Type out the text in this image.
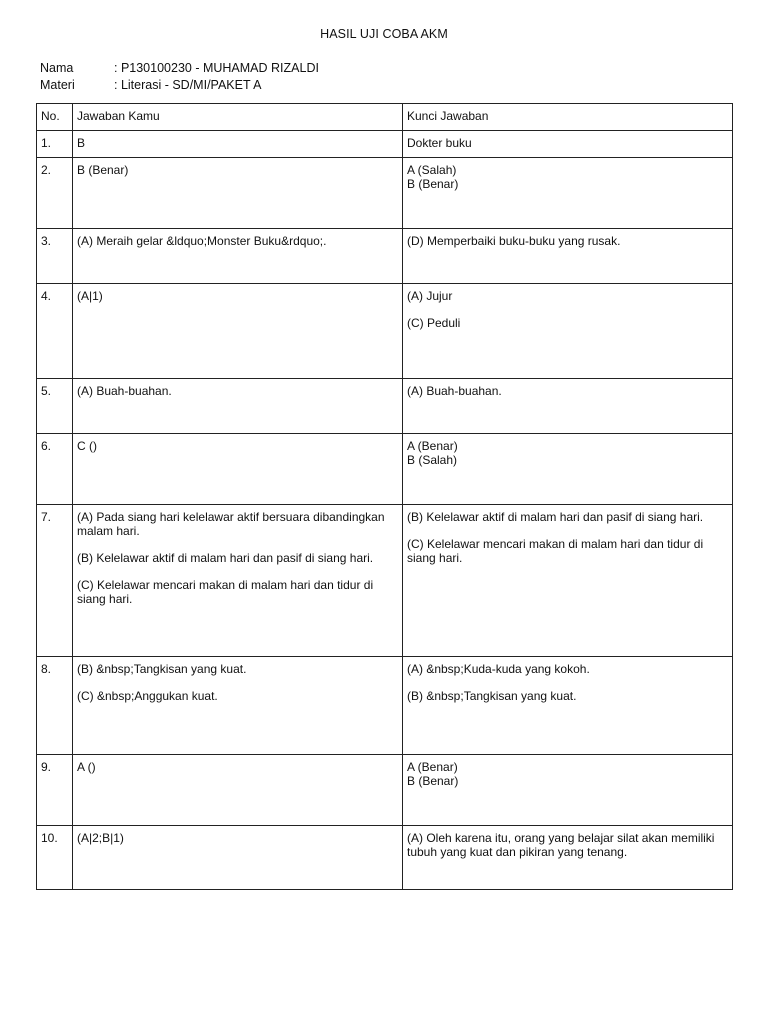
HASIL UJI COBA AKM
Nama	: P130100230 - MUHAMAD RIZALDI
Materi	: Literasi - SD/MI/PAKET A
No.	Jawaban Kamu	Kunci Jawaban
1.	B	Dokter buku

2.	B (Benar)	A (Salah)
B (Benar)

3.	(A) Meraih gelar &ldquo;Monster Buku&rdquo;.	(D) Memperbaiki buku-buku yang rusak.

4.	(A|1)	(A) Jujur
(C) Peduli

5.	(A) Buah-buahan.	(A) Buah-buahan.

6.	C ()	A (Benar)
B (Salah)

7.	(A) Pada siang hari kelelawar aktif bersuara dibandingkan malam hari.
(B) Kelelawar aktif di malam hari dan pasif di siang hari.
(C) Kelelawar mencari makan di malam hari dan tidur di siang hari.	(B) Kelelawar aktif di malam hari dan pasif di siang hari.
(C) Kelelawar mencari makan di malam hari dan tidur di siang hari.

8.	(B) &nbsp;Tangkisan yang kuat.
(C) &nbsp;Anggukan kuat.	(A) &nbsp;Kuda-kuda yang kokoh.
(B) &nbsp;Tangkisan yang kuat.

9.	A ()	A (Benar)
B (Benar)

10.	(A|2;B|1)	(A) Oleh karena itu, orang yang belajar silat akan memiliki tubuh yang kuat dan pikiran yang tenang.
